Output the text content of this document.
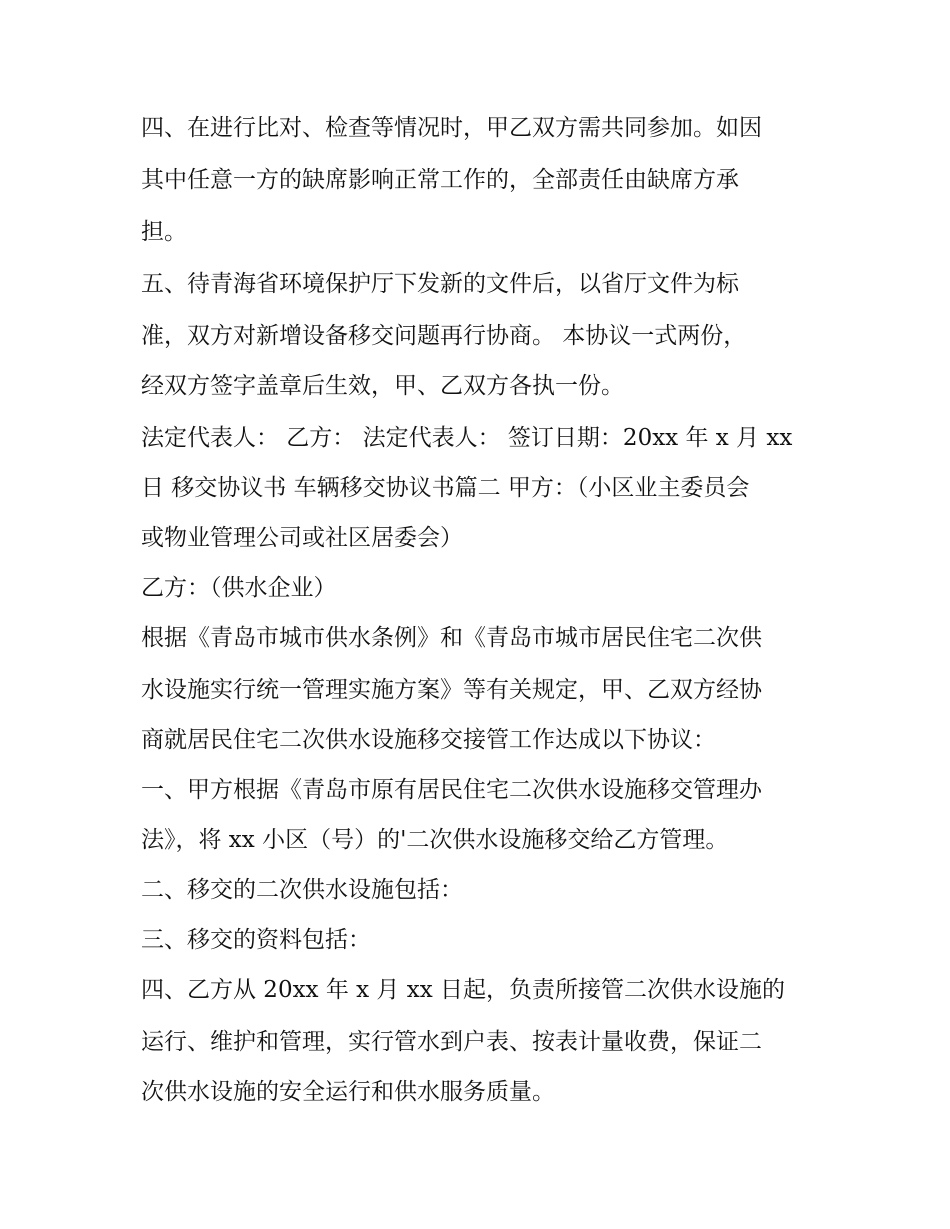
四、在进行比对、检查等情况时，甲乙双方需共同参加。如因
其中任意一方的缺席影响正常工作的，全部责任由缺席方承
担。
五、待青海省环境保护厅下发新的文件后，以省厅文件为标
准，双方对新增设备移交问题再行协商。 本协议一式两份，
经双方签字盖章后生效，甲、乙双方各执一份。
法定代表人： 乙方： 法定代表人： 签订日期：20xx 年 x 月 xx
日 移交协议书 车辆移交协议书篇二 甲方：（小区业主委员会
或物业管理公司或社区居委会）
乙方：（供水企业）
根据《青岛市城市供水条例》和《青岛市城市居民住宅二次供
水设施实行统一管理实施方案》等有关规定，甲、乙双方经协
商就居民住宅二次供水设施移交接管工作达成以下协议：
一、甲方根据《青岛市原有居民住宅二次供水设施移交管理办
法》，将 xx 小区（号）的'二次供水设施移交给乙方管理。
二、移交的二次供水设施包括：
三、移交的资料包括：
四、乙方从 20xx 年 x 月 xx 日起，负责所接管二次供水设施的
运行、维护和管理，实行管水到户表、按表计量收费，保证二
次供水设施的安全运行和供水服务质量。
